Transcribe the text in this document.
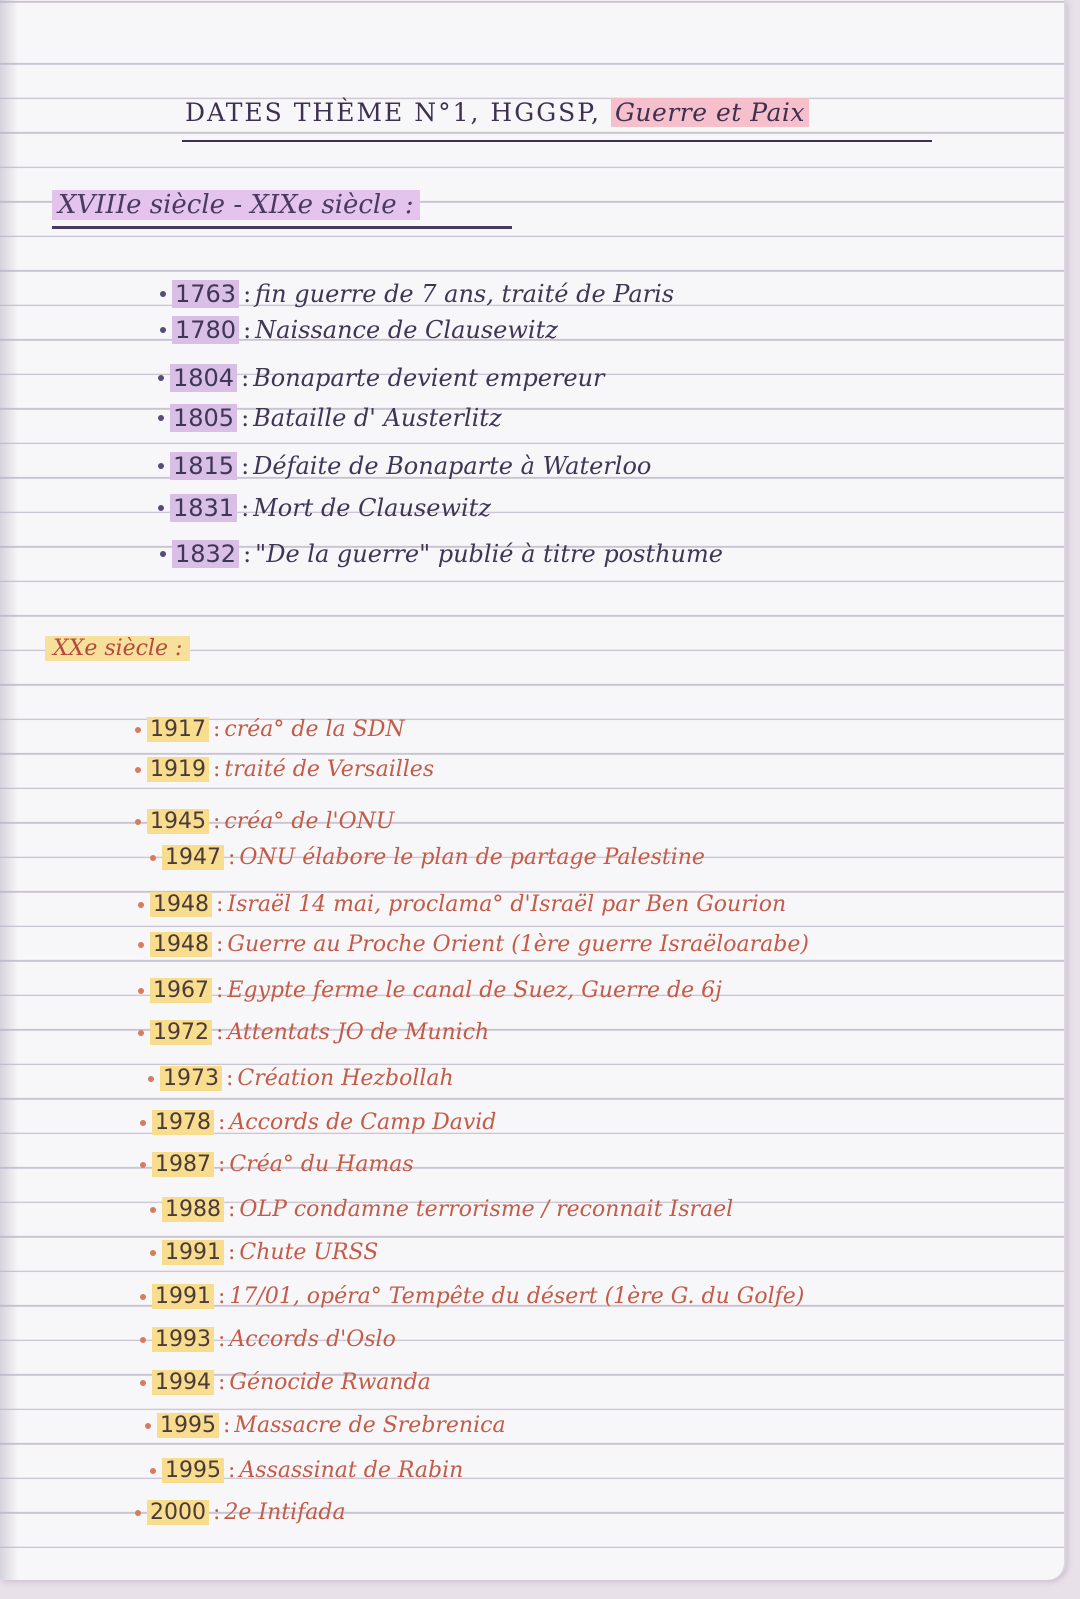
DATES THÈME N°1, HGGSP, Guerre et Paix
XVIIIe siècle - XIXe siècle :
1763 : fin guerre de 7 ans, traité de Paris
1780 : Naissance de Clausewitz
1804 : Bonaparte devient empereur
1805 : Bataille d' Austerlitz
1815 : Défaite de Bonaparte à Waterloo
1831 : Mort de Clausewitz
1832 : "De la guerre" publié à titre posthume
XXe siècle :
1917 : créa° de la SDN
1919 : traité de Versailles
1945 : créa° de l'ONU
1947 : ONU élabore le plan de partage Palestine
1948 : Israël 14 mai, proclama° d'Israël par Ben Gourion
1948 : Guerre au Proche Orient (1ère guerre Israëloarabe)
1967 : Egypte ferme le canal de Suez, Guerre de 6j
1972 : Attentats JO de Munich
1973 : Création Hezbollah
1978 : Accords de Camp David
1987 : Créa° du Hamas
1988 : OLP condamne terrorisme / reconnait Israel
1991 : Chute URSS
1991 : 17/01, opéra° Tempête du désert (1ère G. du Golfe)
1993 : Accords d'Oslo
1994 : Génocide Rwanda
1995 : Massacre de Srebrenica
1995 : Assassinat de Rabin
2000 : 2e Intifada
